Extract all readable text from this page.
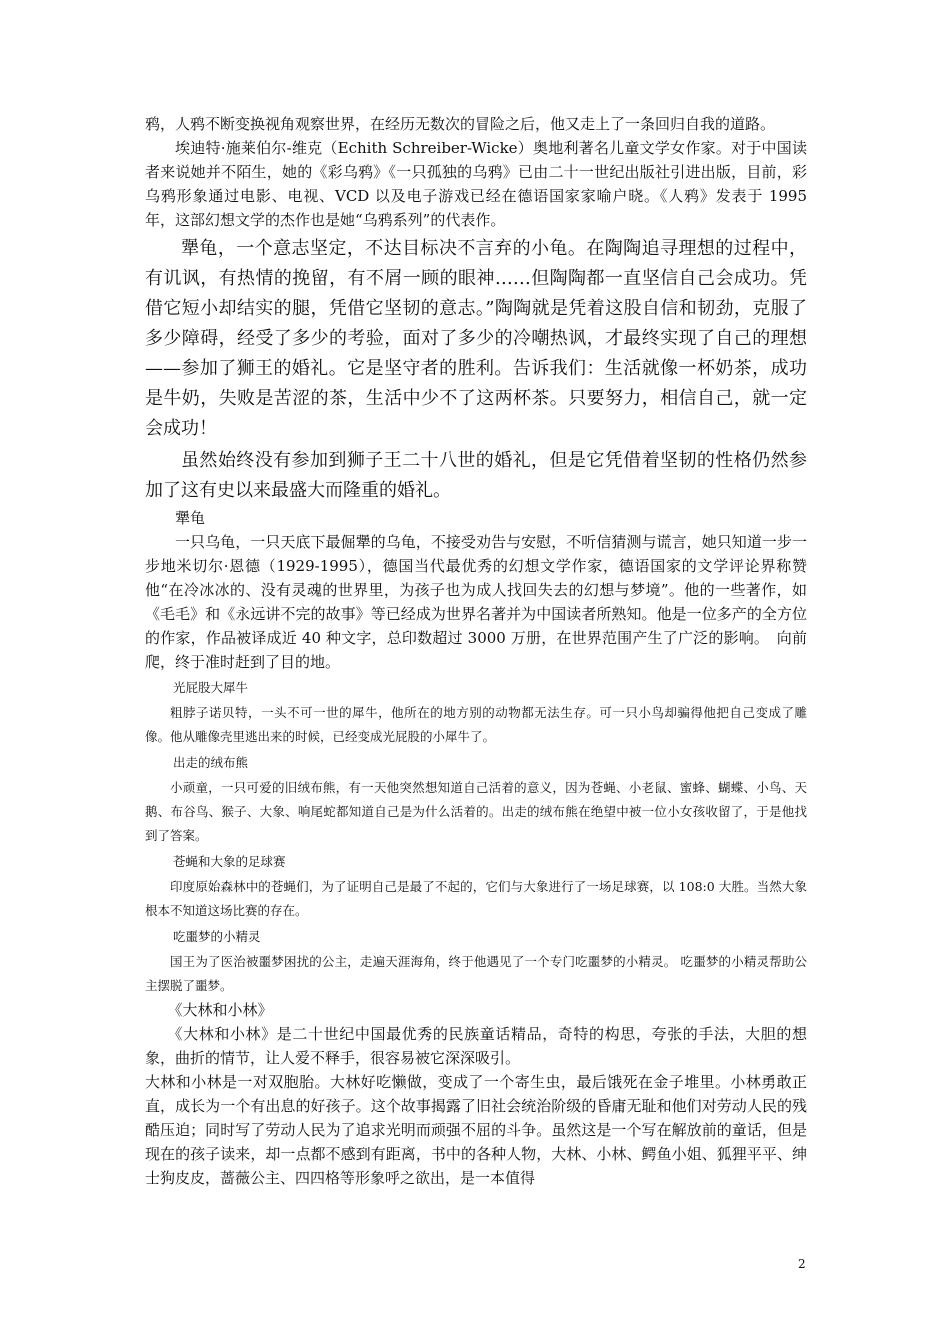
鸦，人鸦不断变换视角观察世界，在经历无数次的冒险之后，他又走上了一条回归自我的道路。

埃迪特·施莱伯尔-维克（Echith Schreiber-Wicke）奥地利著名儿童文学女作家。对于中国读者来说她并不陌生，她的《彩乌鸦》《一只孤独的乌鸦》已由二十一世纪出版社引进出版，目前，彩乌鸦形象通过电影、电视、VCD 以及电子游戏已经在德语国家家喻户晓。《人鸦》发表于 1995 年，这部幻想文学的杰作也是她“乌鸦系列”的代表作。

犟龟，一个意志坚定，不达目标决不言弃的小龟。在陶陶追寻理想的过程中，有讥讽，有热情的挽留，有不屑一顾的眼神……但陶陶都一直坚信自己会成功。凭借它短小却结实的腿，凭借它坚韧的意志。”陶陶就是凭着这股自信和韧劲，克服了多少障碍，经受了多少的考验，面对了多少的冷嘲热讽，才最终实现了自己的理想——参加了狮王的婚礼。它是坚守者的胜利。告诉我们：生活就像一杯奶茶，成功是牛奶，失败是苦涩的茶，生活中少不了这两杯茶。只要努力，相信自己，就一定会成功！

虽然始终没有参加到狮子王二十八世的婚礼，但是它凭借着坚韧的性格仍然参加了这有史以来最盛大而隆重的婚礼。

犟龟

一只乌龟，一只天底下最倔犟的乌龟，不接受劝告与安慰，不听信猜测与谎言，她只知道一步一步地米切尔·恩德（1929-1995），德国当代最优秀的幻想文学作家，德语国家的文学评论界称赞他“在冷冰冰的、没有灵魂的世界里，为孩子也为成人找回失去的幻想与梦境”。他的一些著作，如《毛毛》和《永远讲不完的故事》等已经成为世界名著并为中国读者所熟知。他是一位多产的全方位的作家，作品被译成近 40 种文字，总印数超过 3000 万册，在世界范围产生了广泛的影响。　向前爬，终于准时赶到了目的地。

光屁股大犀牛

粗脖子诺贝特，一头不可一世的犀牛，他所在的地方别的动物都无法生存。可一只小鸟却骗得他把自己变成了雕像。他从雕像壳里逃出来的时候，已经变成光屁股的小犀牛了。

出走的绒布熊

小顽童，一只可爱的旧绒布熊，有一天他突然想知道自己活着的意义，因为苍蝇、小老鼠、蜜蜂、蝴蝶、小鸟、天鹅、布谷鸟、猴子、大象、响尾蛇都知道自己是为什么活着的。出走的绒布熊在绝望中被一位小女孩收留了，于是他找到了答案。

苍蝇和大象的足球赛

印度原始森林中的苍蝇们，为了证明自己是最了不起的，它们与大象进行了一场足球赛，以 108:0 大胜。当然大象根本不知道这场比赛的存在。

吃噩梦的小精灵

国王为了医治被噩梦困扰的公主，走遍天涯海角，终于他遇见了一个专门吃噩梦的小精灵。 吃噩梦的小精灵帮助公主摆脱了噩梦。

《大林和小林》

《大林和小林》是二十世纪中国最优秀的民族童话精品，奇特的构思，夸张的手法，大胆的想象，曲折的情节，让人爱不释手，很容易被它深深吸引。

大林和小林是一对双胞胎。大林好吃懒做，变成了一个寄生虫，最后饿死在金子堆里。小林勇敢正直，成长为一个有出息的好孩子。这个故事揭露了旧社会统治阶级的昏庸无耻和他们对劳动人民的残酷压迫；同时写了劳动人民为了追求光明而顽强不屈的斗争。虽然这是一个写在解放前的童话，但是现在的孩子读来，却一点都不感到有距离，书中的各种人物，大林、小林、鳄鱼小姐、狐狸平平、绅士狗皮皮，蔷薇公主、四四格等形象呼之欲出，是一本值得

2
